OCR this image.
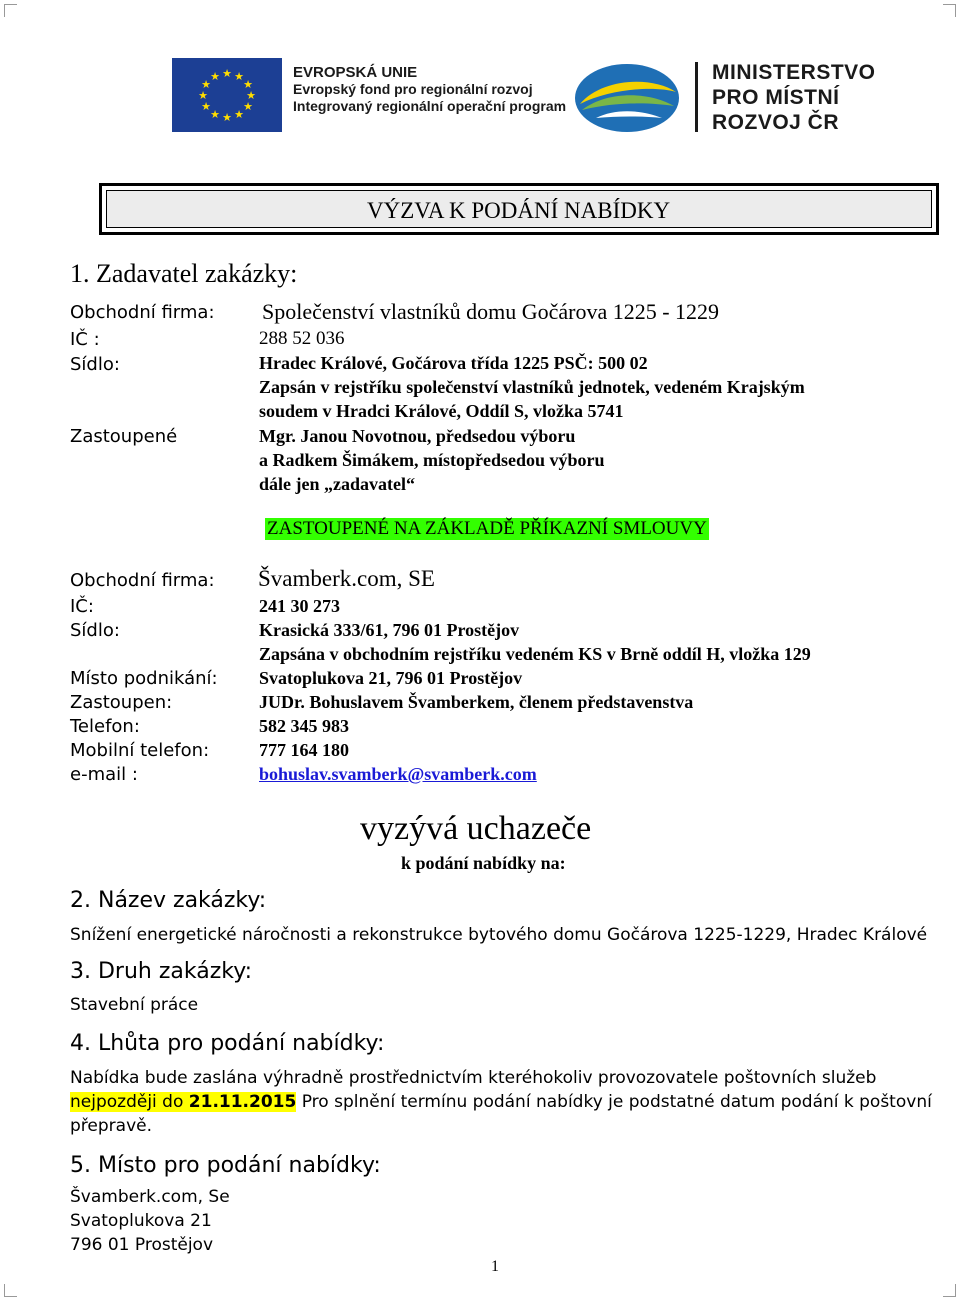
★ ★
★
★
★
★
★
★
★
★
★
★	EVROPSKÁ UNIE
Evropský fond pro regionální rozvoj
Integrovaný regionální operační program
MINISTERSTVO
PRO MÍSTNÍ
ROZVOJ ČR
VÝZVA K PODÁNÍ NABÍDKY
1. Zadavatel zakázky:
Obchodní firma: Společenství vlastníků domu Gočárova 1225 - 1229
IČ :	288 52 036
Sídlo:	Hradec Králové, Gočárova třída 1225 PSČ: 500 02
Zapsán v rejstříku společenství vlastníků jednotek, vedeném Krajským
soudem v Hradci Králové, Oddíl S, vložka 5741
Zastoupené	Mgr. Janou Novotnou, předsedou výboru
a Radkem Šimákem, místopředsedou výboru
dále jen „zadavatel“
ZASTOUPENÉ NA ZÁKLADĚ PŘÍKAZNÍ SMLOUVY
Obchodní firma: Švamberk.com, SE
IČ:	241 30 273
Sídlo:	Krasická 333/61, 796 01 Prostějov
Zapsána v obchodním rejstříku vedeném KS v Brně oddíl H, vložka 129
Místo podnikání: Svatoplukova 21, 796 01 Prostějov
Zastoupen:	JUDr. Bohuslavem Švamberkem, členem představenstva
Telefon:	582 345 983
Mobilní telefon:	777 164 180
e-mail :	bohuslav.svamberk@svamberk.com
vyzývá uchazeče
k podání nabídky na:
2. Název zakázky:
Snížení energetické náročnosti a rekonstrukce bytového domu Gočárova 1225-1229, Hradec Králové
3. Druh zakázky:
Stavební práce
4. Lhůta pro podání nabídky:
Nabídka bude zaslána výhradně prostřednictvím kteréhokoliv provozovatele poštovních služeb
nejpozději do 21.11.2015 Pro splnění termínu podání nabídky je podstatné datum podání k poštovní
přepravě.
5. Místo pro podání nabídky:
Švamberk.com, Se
Svatoplukova 21
796 01 Prostějov
1
